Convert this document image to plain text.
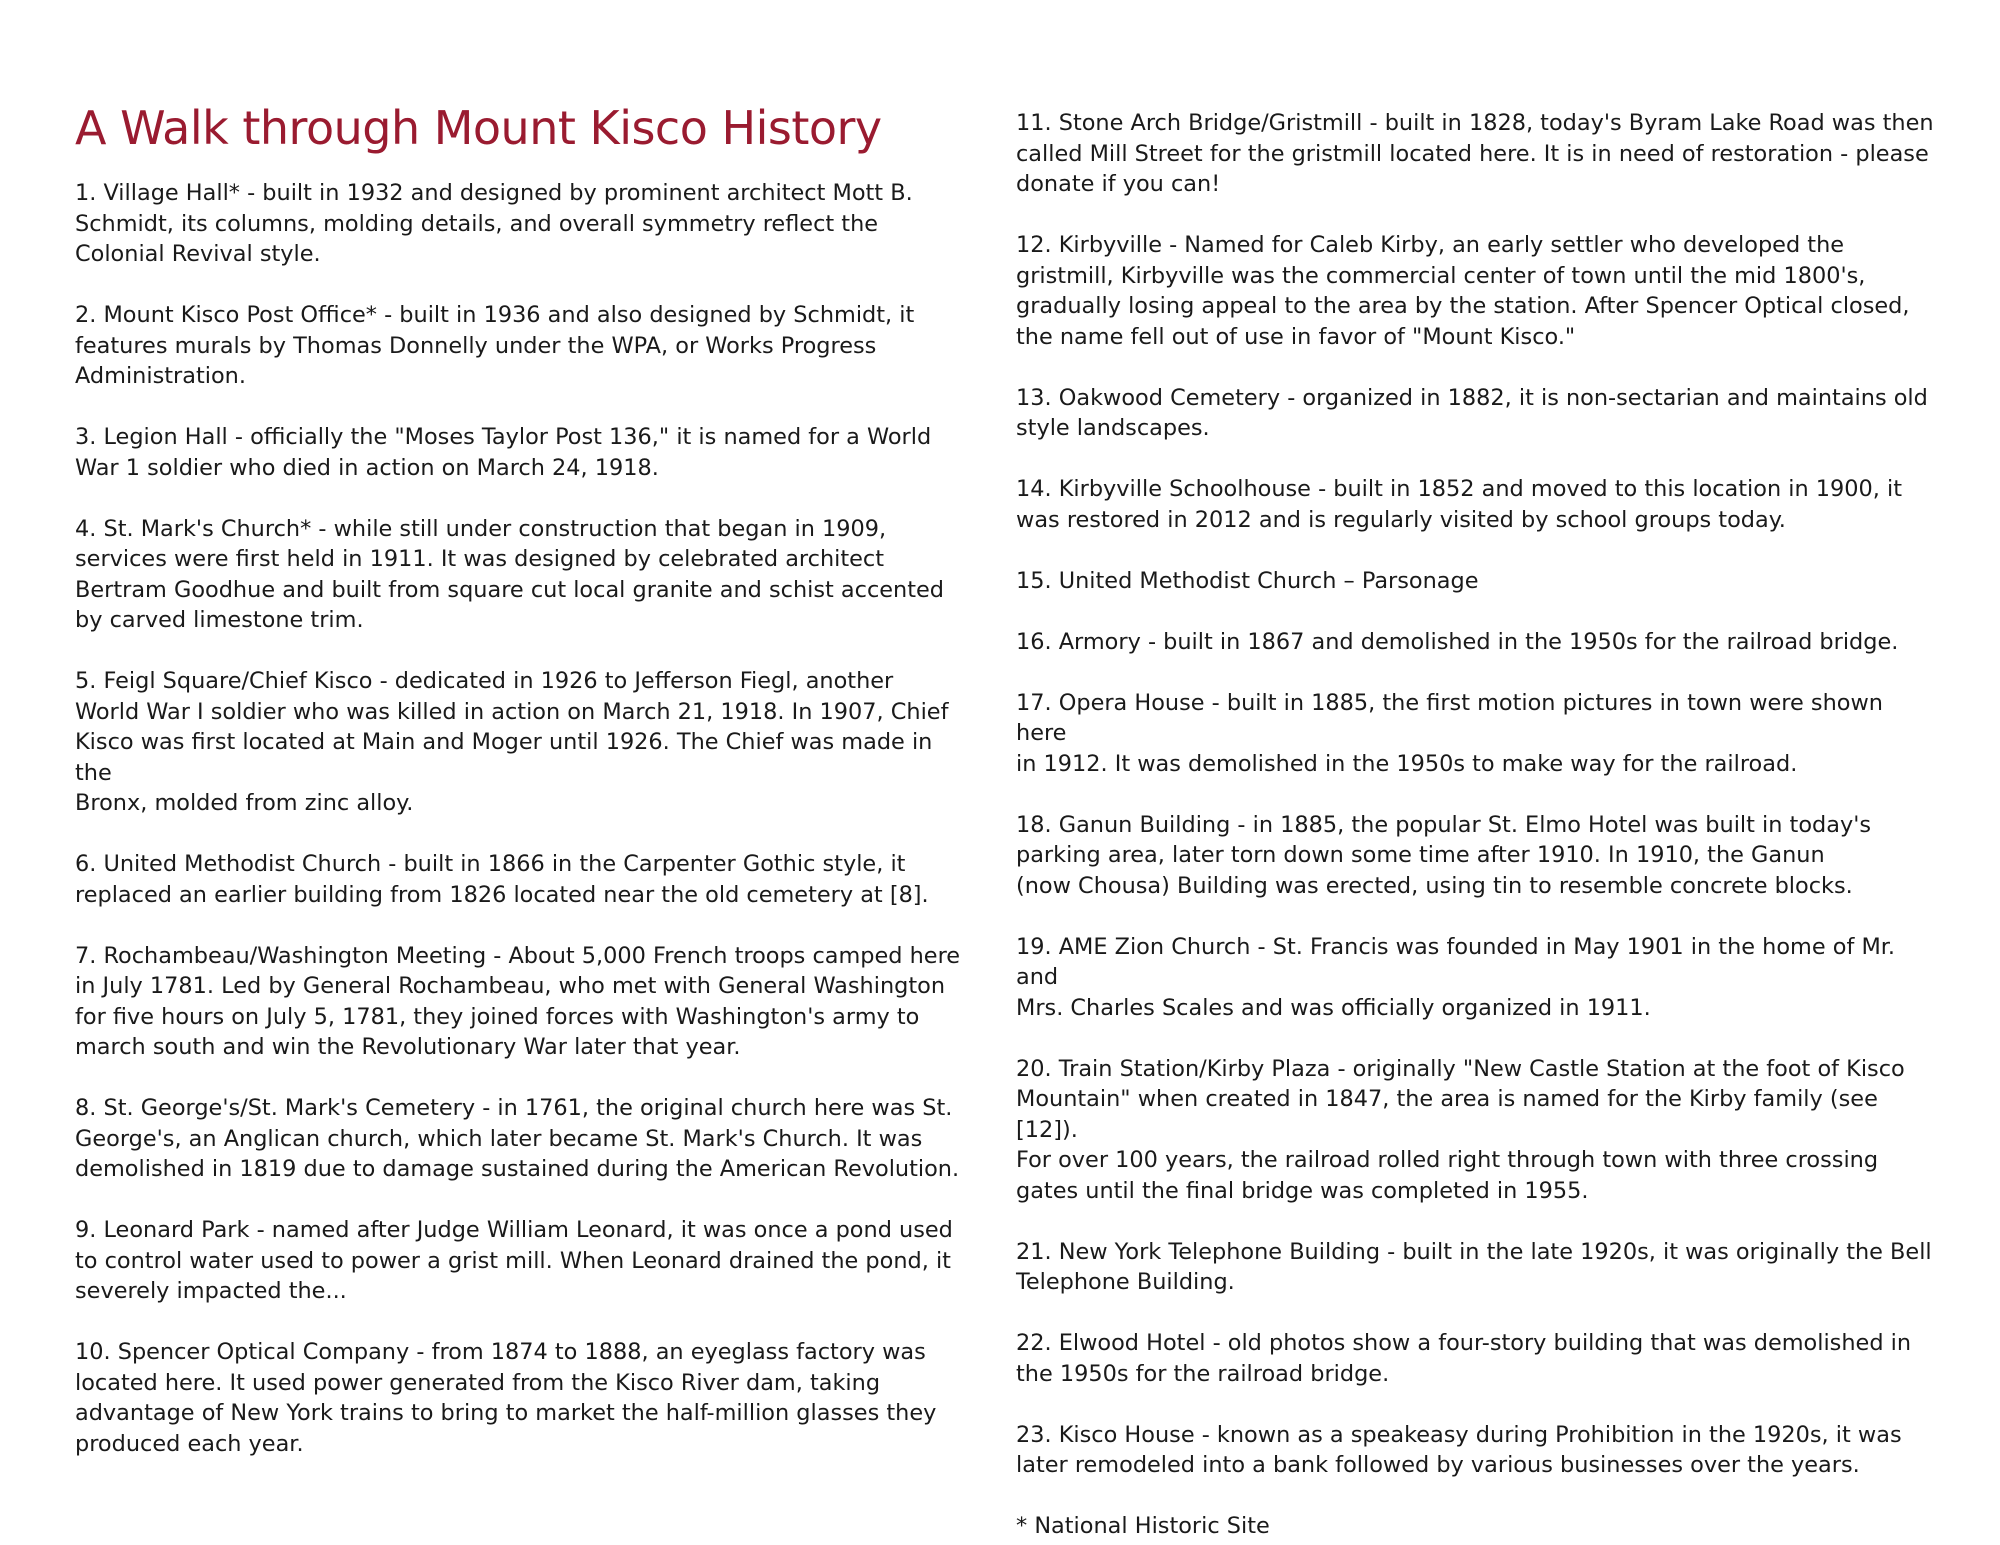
A Walk through Mount Kisco History

1. Village Hall* - built in 1932 and designed by prominent architect Mott B.
Schmidt, its columns, molding details, and overall symmetry reflect the
Colonial Revival style.

2. Mount Kisco Post Office* - built in 1936 and also designed by Schmidt, it
features murals by Thomas Donnelly under the WPA, or Works Progress
Administration.

3. Legion Hall - officially the "Moses Taylor Post 136," it is named for a World
War 1 soldier who died in action on March 24, 1918.

4. St. Mark's Church* - while still under construction that began in 1909,
services were first held in 1911. It was designed by celebrated architect
Bertram Goodhue and built from square cut local granite and schist accented
by carved limestone trim.

5. Feigl Square/Chief Kisco - dedicated in 1926 to Jefferson Fiegl, another
World War I soldier who was killed in action on March 21, 1918. In 1907, Chief
Kisco was first located at Main and Moger until 1926. The Chief was made in the
Bronx, molded from zinc alloy.

6. United Methodist Church - built in 1866 in the Carpenter Gothic style, it
replaced an earlier building from 1826 located near the old cemetery at [8].

7. Rochambeau/Washington Meeting - About 5,000 French troops camped here
in July 1781. Led by General Rochambeau, who met with General Washington
for five hours on July 5, 1781, they joined forces with Washington's army to
march south and win the Revolutionary War later that year.

8. St. George's/St. Mark's Cemetery - in 1761, the original church here was St.
George's, an Anglican church, which later became St. Mark's Church. It was
demolished in 1819 due to damage sustained during the American Revolution.

9. Leonard Park - named after Judge William Leonard, it was once a pond used
to control water used to power a grist mill. When Leonard drained the pond, it
severely impacted the...

10. Spencer Optical Company - from 1874 to 1888, an eyeglass factory was
located here. It used power generated from the Kisco River dam, taking
advantage of New York trains to bring to market the half-million glasses they
produced each year.

11. Stone Arch Bridge/Gristmill - built in 1828, today's Byram Lake Road was then
called Mill Street for the gristmill located here. It is in need of restoration - please
donate if you can!

12. Kirbyville - Named for Caleb Kirby, an early settler who developed the
gristmill, Kirbyville was the commercial center of town until the mid 1800's,
gradually losing appeal to the area by the station. After Spencer Optical closed,
the name fell out of use in favor of "Mount Kisco."

13. Oakwood Cemetery - organized in 1882, it is non-sectarian and maintains old
style landscapes.

14. Kirbyville Schoolhouse - built in 1852 and moved to this location in 1900, it
was restored in 2012 and is regularly visited by school groups today.

15. United Methodist Church – Parsonage

16. Armory - built in 1867 and demolished in the 1950s for the railroad bridge.

17. Opera House - built in 1885, the first motion pictures in town were shown here
in 1912. It was demolished in the 1950s to make way for the railroad.

18. Ganun Building - in 1885, the popular St. Elmo Hotel was built in today's
parking area, later torn down some time after 1910. In 1910, the Ganun
(now Chousa) Building was erected, using tin to resemble concrete blocks.

19. AME Zion Church - St. Francis was founded in May 1901 in the home of Mr. and
Mrs. Charles Scales and was officially organized in 1911.

20. Train Station/Kirby Plaza - originally "New Castle Station at the foot of Kisco
Mountain" when created in 1847, the area is named for the Kirby family (see [12]).
For over 100 years, the railroad rolled right through town with three crossing
gates until the final bridge was completed in 1955.

21. New York Telephone Building - built in the late 1920s, it was originally the Bell
Telephone Building.

22. Elwood Hotel - old photos show a four-story building that was demolished in
the 1950s for the railroad bridge.

23. Kisco House - known as a speakeasy during Prohibition in the 1920s, it was
later remodeled into a bank followed by various businesses over the years.

* National Historic Site
